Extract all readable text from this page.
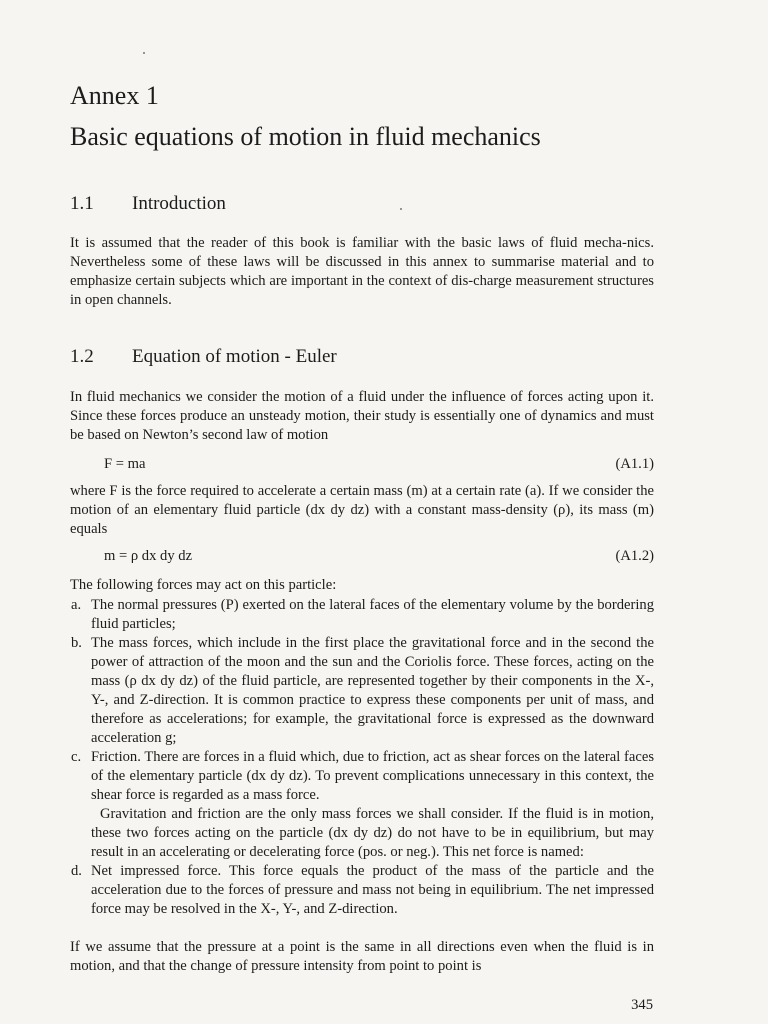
Annex 1
Basic equations of motion in fluid mechanics
1.1 Introduction
It is assumed that the reader of this book is familiar with the basic laws of fluid mecha-nics. Nevertheless some of these laws will be discussed in this annex to summarise material and to emphasize certain subjects which are important in the context of dis-charge measurement structures in open channels.
1.2 Equation of motion - Euler
In fluid mechanics we consider the motion of a fluid under the influence of forces acting upon it. Since these forces produce an unsteady motion, their study is essentially one of dynamics and must be based on Newton’s second law of motion
F = ma	(A1.1)
where F is the force required to accelerate a certain mass (m) at a certain rate (a). If we consider the motion of an elementary fluid particle (dx dy dz) with a constant mass-density (ρ), its mass (m) equals
m = ρ dx dy dz	(A1.2)
The following forces may act on this particle:
a. The normal pressures (P) exerted on the lateral faces of the elementary volume by the bordering fluid particles;
b. The mass forces, which include in the first place the gravitational force and in the second the power of attraction of the moon and the sun and the Coriolis force. These forces, acting on the mass (ρ dx dy dz) of the fluid particle, are represented together by their components in the X-, Y-, and Z-direction. It is common practice to express these components per unit of mass, and therefore as accelerations; for example, the gravitational force is expressed as the downward acceleration g;
c. Friction. There are forces in a fluid which, due to friction, act as shear forces on the lateral faces of the elementary particle (dx dy dz). To prevent complications unnecessary in this context, the shear force is regarded as a mass force.
Gravitation and friction are the only mass forces we shall consider. If the fluid is in motion, these two forces acting on the particle (dx dy dz) do not have to be in equilibrium, but may result in an accelerating or decelerating force (pos. or neg.). This net force is named:
d. Net impressed force. This force equals the product of the mass of the particle and the acceleration due to the forces of pressure and mass not being in equilibrium. The net impressed force may be resolved in the X-, Y-, and Z-direction.
If we assume that the pressure at a point is the same in all directions even when the fluid is in motion, and that the change of pressure intensity from point to point is
345
